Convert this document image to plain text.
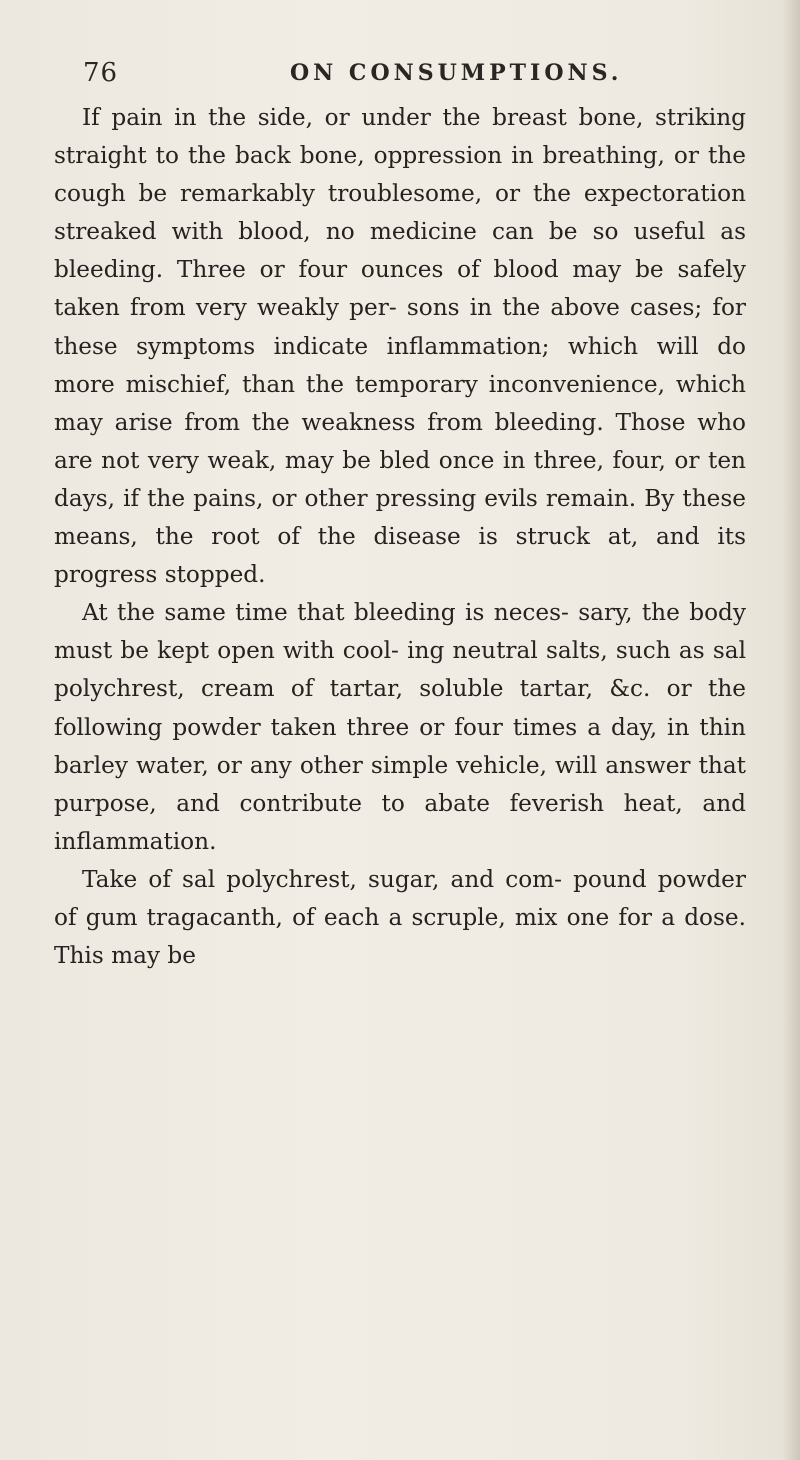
76	ON CONSUMPTIONS.

If pain in the side, or under the breast bone, striking straight to the back bone, oppression in breathing, or the cough be remarkably troublesome, or the expectoration streaked with blood, no medicine can be so useful as bleeding. Three or four ounces of blood may be safely taken from very weakly per- sons in the above cases; for these symptoms indicate inflammation; which will do more mischief, than the temporary inconvenience, which may arise from the weakness from bleeding. Those who are not very weak, may be bled once in three, four, or ten days, if the pains, or other pressing evils remain. By these means, the root of the disease is struck at, and its progress stopped.

At the same time that bleeding is neces- sary, the body must be kept open with cool- ing neutral salts, such as sal polychrest, cream of tartar, soluble tartar, &c. or the following powder taken three or four times a day, in thin barley water, or any other simple vehicle, will answer that purpose, and contribute to abate feverish heat, and inflammation.

Take of sal polychrest, sugar, and com- pound powder of gum tragacanth, of each a scruple, mix one for a dose. This may be
